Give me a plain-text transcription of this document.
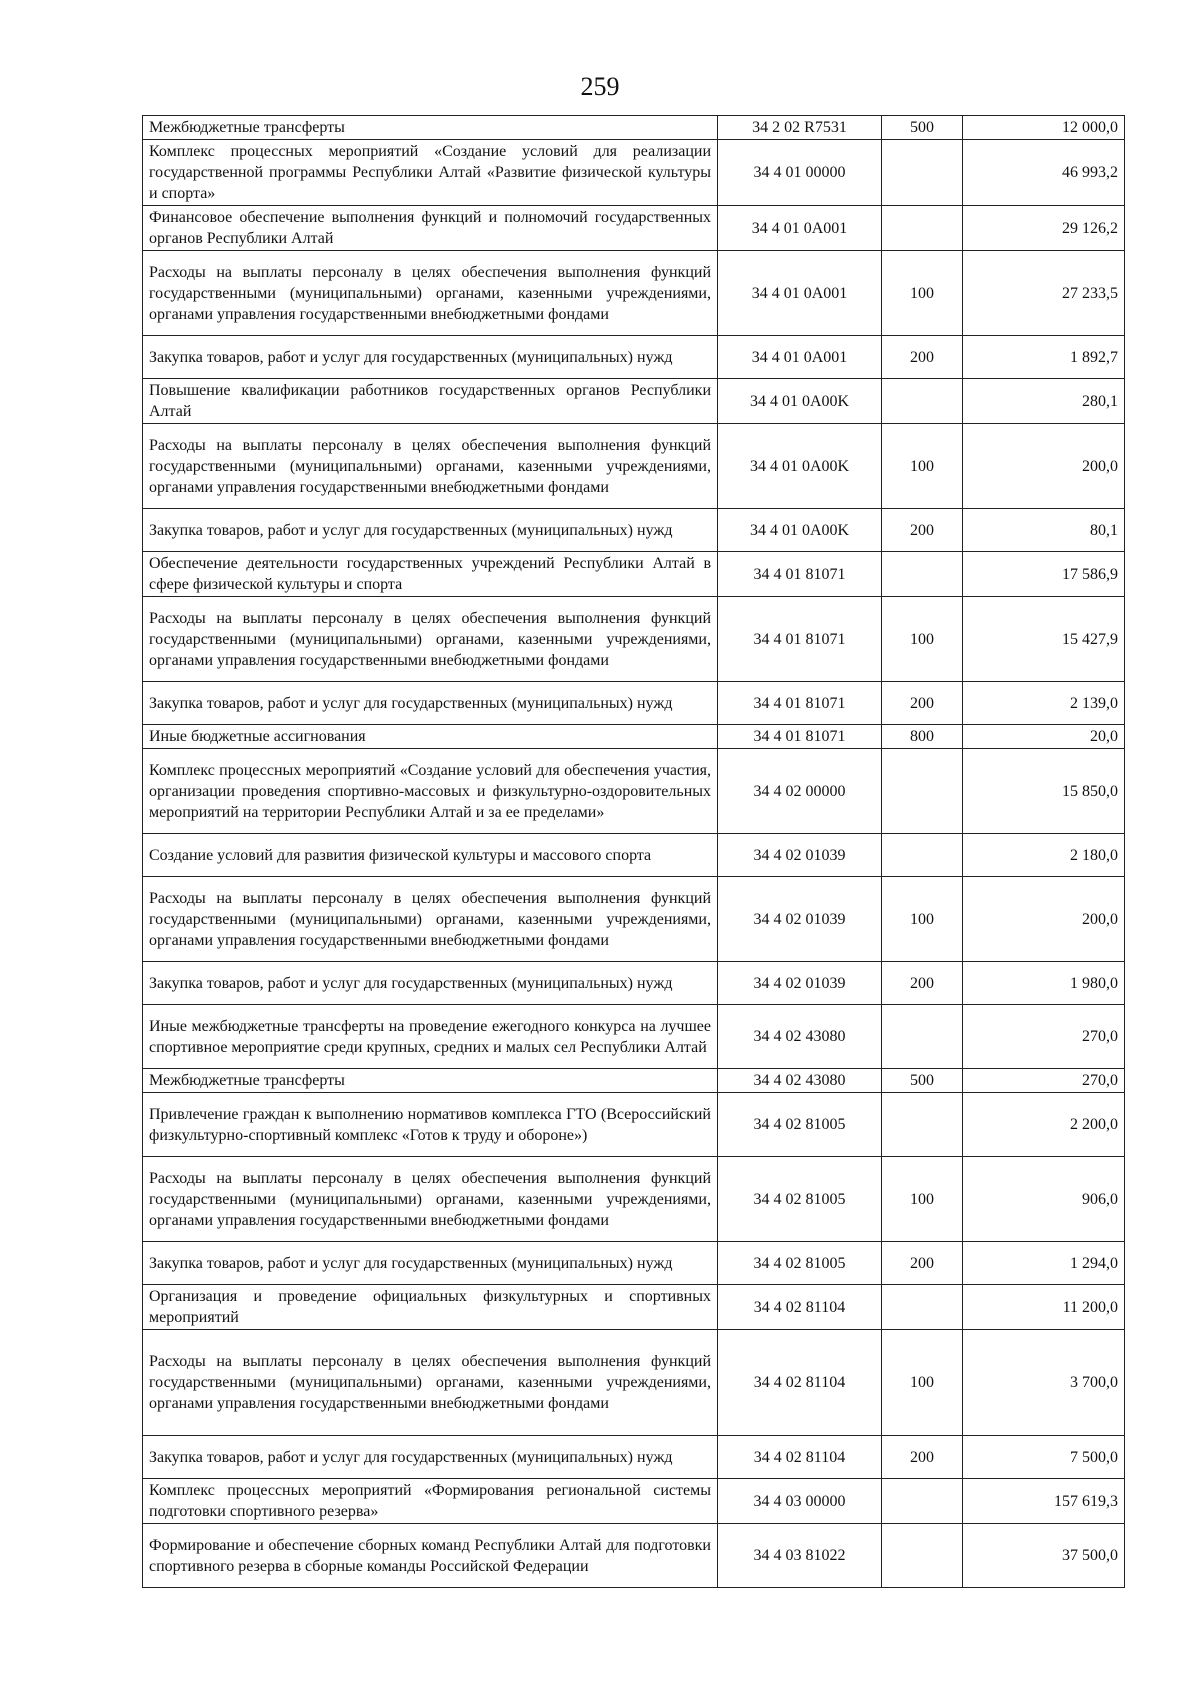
259
Межбюджетные трансферты	34 2 02 R7531	500	12 000,0
Комплекс процессных мероприятий «Создание условий для реализации государственной программы Республики Алтай «Развитие физической культуры и спорта»	34 4 01 00000		46 993,2
Финансовое обеспечение выполнения функций и полномочий государственных органов Республики Алтай	34 4 01 0A001		29 126,2
Расходы на выплаты персоналу в целях обеспечения выполнения функций государственными (муниципальными) органами, казенными учреждениями, органами управления государственными внебюджетными фондами	34 4 01 0A001	100	27 233,5
Закупка товаров, работ и услуг для государственных (муниципальных) нужд	34 4 01 0A001	200	1 892,7
Повышение квалификации работников государственных органов Республики Алтай	34 4 01 0A00K		280,1
Расходы на выплаты персоналу в целях обеспечения выполнения функций государственными (муниципальными) органами, казенными учреждениями, органами управления государственными внебюджетными фондами	34 4 01 0A00K	100	200,0
Закупка товаров, работ и услуг для государственных (муниципальных) нужд	34 4 01 0A00K	200	80,1
Обеспечение деятельности государственных учреждений Республики Алтай в сфере физической культуры и спорта	34 4 01 81071		17 586,9
Расходы на выплаты персоналу в целях обеспечения выполнения функций государственными (муниципальными) органами, казенными учреждениями, органами управления государственными внебюджетными фондами	34 4 01 81071	100	15 427,9
Закупка товаров, работ и услуг для государственных (муниципальных) нужд	34 4 01 81071	200	2 139,0
Иные бюджетные ассигнования	34 4 01 81071	800	20,0
Комплекс процессных мероприятий «Создание условий для обеспечения участия, организации проведения спортивно-массовых и физкультурно-оздоровительных мероприятий на территории Республики Алтай и за ее пределами»	34 4 02 00000		15 850,0
Создание условий для развития физической культуры и массового спорта	34 4 02 01039		2 180,0
Расходы на выплаты персоналу в целях обеспечения выполнения функций государственными (муниципальными) органами, казенными учреждениями, органами управления государственными внебюджетными фондами	34 4 02 01039	100	200,0
Закупка товаров, работ и услуг для государственных (муниципальных) нужд	34 4 02 01039	200	1 980,0
Иные межбюджетные трансферты на проведение ежегодного конкурса на лучшее спортивное мероприятие среди крупных, средних и малых сел Республики Алтай	34 4 02 43080		270,0
Межбюджетные трансферты	34 4 02 43080	500	270,0
Привлечение граждан к выполнению нормативов комплекса ГТО (Всероссийский физкультурно-спортивный комплекс «Готов к труду и обороне»)	34 4 02 81005		2 200,0
Расходы на выплаты персоналу в целях обеспечения выполнения функций государственными (муниципальными) органами, казенными учреждениями, органами управления государственными внебюджетными фондами	34 4 02 81005	100	906,0
Закупка товаров, работ и услуг для государственных (муниципальных) нужд	34 4 02 81005	200	1 294,0
Организация и проведение официальных физкультурных и спортивных мероприятий	34 4 02 81104		11 200,0
Расходы на выплаты персоналу в целях обеспечения выполнения функций государственными (муниципальными) органами, казенными учреждениями, органами управления государственными внебюджетными фондами	34 4 02 81104	100	3 700,0
Закупка товаров, работ и услуг для государственных (муниципальных) нужд	34 4 02 81104	200	7 500,0
Комплекс процессных мероприятий «Формирования региональной системы подготовки спортивного резерва»	34 4 03 00000		157 619,3
Формирование и обеспечение сборных команд Республики Алтай для подготовки спортивного резерва в сборные команды Российской Федерации	34 4 03 81022		37 500,0
